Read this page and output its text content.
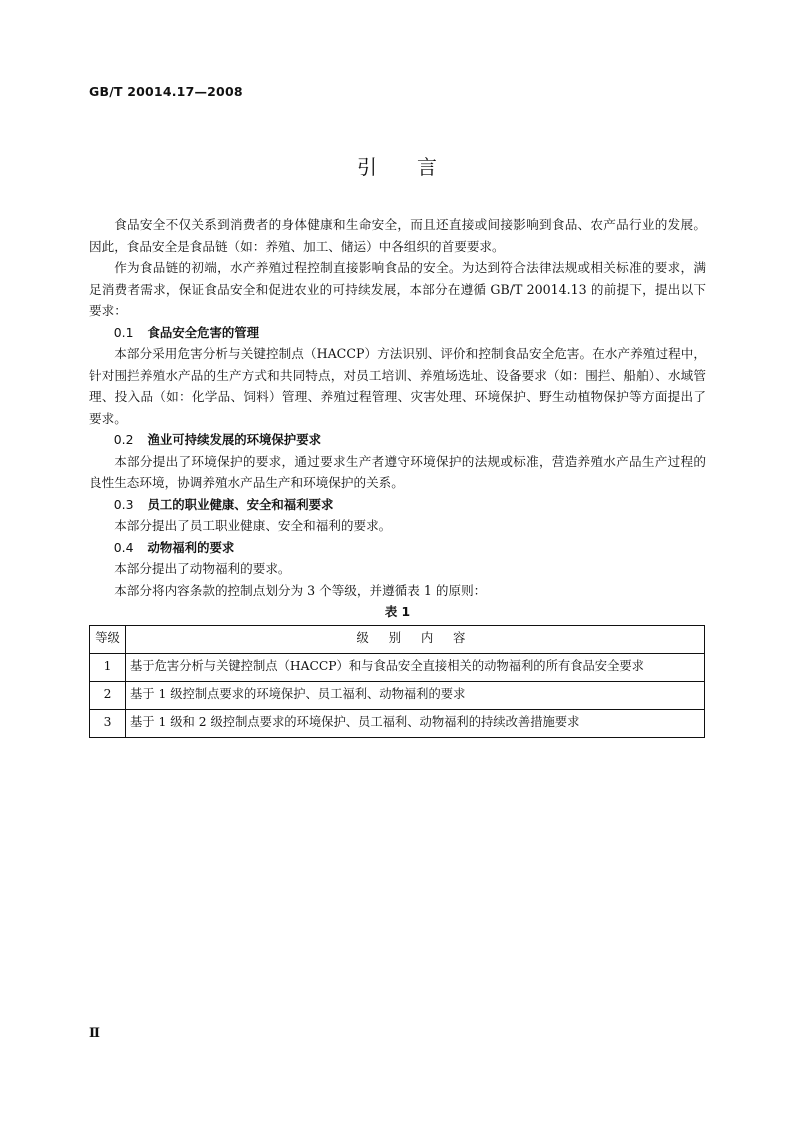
GB/T 20014.17—2008
引　　言

食品安全不仅关系到消费者的身体健康和生命安全，而且还直接或间接影响到食品、农产品行业的发展。因此，食品安全是食品链（如：养殖、加工、储运）中各组织的首要要求。

作为食品链的初端，水产养殖过程控制直接影响食品的安全。为达到符合法律法规或相关标准的要求，满足消费者需求，保证食品安全和促进农业的可持续发展，本部分在遵循 GB/T 20014.13 的前提下，提出以下要求：

0.1 食品安全危害的管理

本部分采用危害分析与关键控制点（HACCP）方法识别、评价和控制食品安全危害。在水产养殖过程中，针对围拦养殖水产品的生产方式和共同特点，对员工培训、养殖场选址、设备要求（如：围拦、船舶）、水域管理、投入品（如：化学品、饲料）管理、养殖过程管理、灾害处理、环境保护、野生动植物保护等方面提出了要求。

0.2 渔业可持续发展的环境保护要求

本部分提出了环境保护的要求，通过要求生产者遵守环境保护的法规或标准，营造养殖水产品生产过程的良性生态环境，协调养殖水产品生产和环境保护的关系。

0.3 员工的职业健康、安全和福利要求

本部分提出了员工职业健康、安全和福利的要求。

0.4 动物福利的要求

本部分提出了动物福利的要求。

本部分将内容条款的控制点划分为 3 个等级，并遵循表 1 的原则：

表 1

等级	级 别 内 容
1	基于危害分析与关键控制点（HACCP）和与食品安全直接相关的动物福利的所有食品安全要求
2	基于 1 级控制点要求的环境保护、员工福利、动物福利的要求
3	基于 1 级和 2 级控制点要求的环境保护、员工福利、动物福利的持续改善措施要求
Ⅱ
